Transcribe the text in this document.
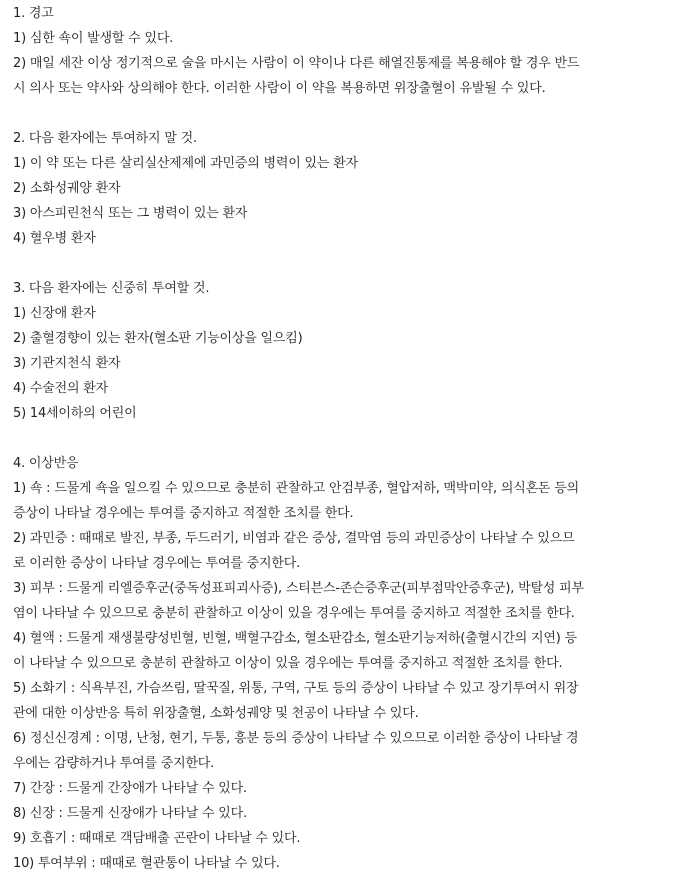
1. 경고
1) 심한 쇽이 발생할 수 있다.
2) 매일 세잔 이상 정기적으로 술을 마시는 사람이 이 약이나 다른 해열진통제를 복용해야 할 경우 반드
시 의사 또는 약사와 상의해야 한다. 이러한 사람이 이 약을 복용하면 위장출혈이 유발될 수 있다.
2. 다음 환자에는 투여하지 말 것.
1) 이 약 또는 다른 살리실산제제에 과민증의 병력이 있는 환자
2) 소화성궤양 환자
3) 아스피린천식 또는 그 병력이 있는 환자
4) 혈우병 환자
3. 다음 환자에는 신중히 투여할 것.
1) 신장애 환자
2) 출혈경향이 있는 환자(혈소판 기능이상을 일으킴)
3) 기관지천식 환자
4) 수술전의 환자
5) 14세이하의 어린이
4. 이상반응
1) 쇽 : 드물게 쇽을 일으킬 수 있으므로 충분히 관찰하고 안검부종, 혈압저하, 맥박미약, 의식혼돈 등의
증상이 나타날 경우에는 투여를 중지하고 적절한 조치를 한다.
2) 과민증 : 때때로 발진, 부종, 두드러기, 비염과 같은 증상, 결막염 등의 과민증상이 나타날 수 있으므
로 이러한 증상이 나타날 경우에는 투여를 중지한다.
3) 피부 : 드물게 리엘증후군(중독성표피괴사증), 스티븐스-존슨증후군(피부점막안증후군), 박탈성 피부
염이 나타날 수 있으므로 충분히 관찰하고 이상이 있을 경우에는 투여를 중지하고 적절한 조치를 한다.
4) 혈액 : 드물게 재생불량성빈혈, 빈혈, 백혈구감소, 혈소판감소, 혈소판기능저하(출혈시간의 지연) 등
이 나타날 수 있으므로 충분히 관찰하고 이상이 있을 경우에는 투여를 중지하고 적절한 조치를 한다.
5) 소화기 : 식욕부진, 가슴쓰림, 딸꾹질, 위통, 구역, 구토 등의 증상이 나타날 수 있고 장기투여시 위장
관에 대한 이상반응 특히 위장출혈, 소화성궤양 및 천공이 나타날 수 있다.
6) 정신신경계 : 이명, 난청, 현기, 두통, 흥분 등의 증상이 나타날 수 있으므로 이러한 증상이 나타날 경
우에는 감량하거나 투여를 중지한다.
7) 간장 : 드물게 간장애가 나타날 수 있다.
8) 신장 : 드물게 신장애가 나타날 수 있다.
9) 호흡기 : 때때로 객담배출 곤란이 나타날 수 있다.
10) 투여부위 : 때때로 혈관통이 나타날 수 있다.
